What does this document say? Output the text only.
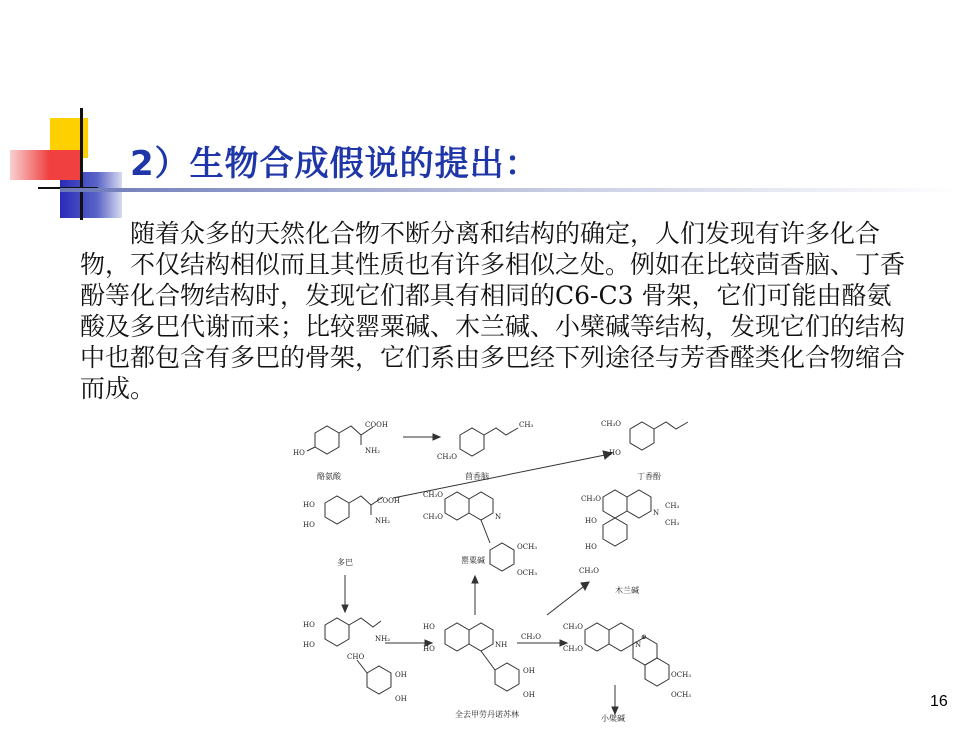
2）生物合成假说的提出：

随着众多的天然化合物不断分离和结构的确定，人们发现有许多化合物，不仅结构相似而且其性质也有许多相似之处。例如在比较茴香脑、丁香酚等化合物结构时，发现它们都具有相同的C6-C3 骨架，它们可能由酪氨酸及多巴代谢而来；比较罂粟碱、木兰碱、小檗碱等结构，发现它们的结构中也都包含有多巴的骨架，它们系由多巴经下列途径与芳香醛类化合物缩合而成。

COOH
NH₂
HO	CH₃O
CH₃	CH₃O
HO
COOH
NH₂
HO
HO
CH₃O
CH₃O	N
OCH₃
OCH₃
CH₃O
HO
HO
CH₃O
N
CH₃
CH₃
HO
HO
NH₂
CHO
OH
OH
HO
HO	NH
OH
OH
CH₂O
CH₃O
CH₃O	N
⊕
OCH₃
OCH₃
酪氨酸	茴香脑	丁香酚
多巴	罂粟碱
木兰碱
全去甲劳丹诺苏林	小檗碱
16
